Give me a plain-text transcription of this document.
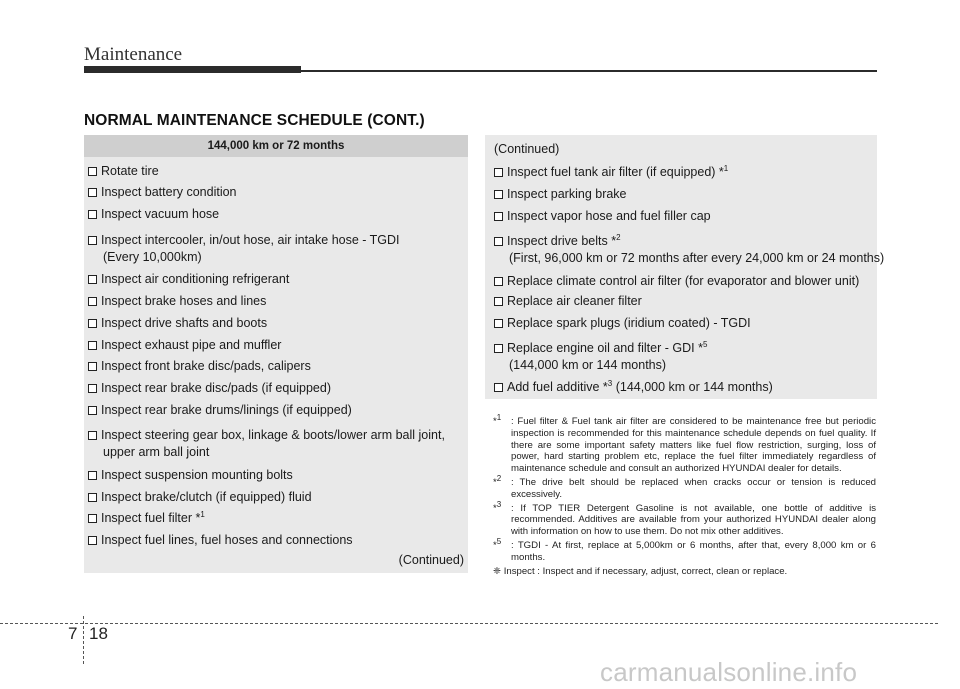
Maintenance
NORMAL MAINTENANCE SCHEDULE (CONT.)
144,000 km or 72 months
Rotate tire
Inspect battery condition
Inspect vacuum hose
Inspect intercooler, in/out hose, air intake hose - TGDI
(Every 10,000km)
Inspect air conditioning refrigerant
Inspect brake hoses and lines
Inspect drive shafts and boots
Inspect exhaust pipe and muffler
Inspect front brake disc/pads, calipers
Inspect rear brake disc/pads (if equipped)
Inspect rear brake drums/linings (if equipped)
Inspect steering gear box, linkage & boots/lower arm ball joint,
upper arm ball joint
Inspect suspension mounting bolts
Inspect brake/clutch (if equipped) fluid
Inspect fuel filter *$^1$
Inspect fuel lines, fuel hoses and connections
(Continued)
(Continued)
Inspect fuel tank air filter (if equipped) *$^1$
Inspect parking brake
Inspect vapor hose and fuel filler cap
Inspect drive belts *$^2$
(First, 96,000 km or 72 months after every 24,000 km or 24 months)
Replace climate control air filter (for evaporator and blower unit)
Replace air cleaner filter
Replace spark plugs (iridium coated) - TGDI
Replace engine oil and filter - GDI *$^5$
(144,000 km or 144 months)
Add fuel additive *$^3$ (144,000 km or 144 months)
*$^1$ : Fuel filter & Fuel tank air filter are considered to be maintenance free but periodic inspection is recommended for this maintenance schedule depends on fuel quality. If there are some important safety matters like fuel flow restriction, surging, loss of power, hard starting problem etc, replace the fuel filter immediately regardless of maintenance schedule and consult an authorized HYUNDAI dealer for details.
*$^2$ : The drive belt should be replaced when cracks occur or tension is reduced excessively.
*$^3$ : If TOP TIER Detergent Gasoline is not available, one bottle of additive is recommended. Additives are available from your authorized HYUNDAI dealer along with information on how to use them. Do not mix other additives.
*$^5$ : TGDI - At first, replace at 5,000km or 6 months, after that, every 8,000 km or 6 months.
❈ Inspect : Inspect and if necessary, adjust, correct, clean or replace.
7 18
carmanualsonline.info
